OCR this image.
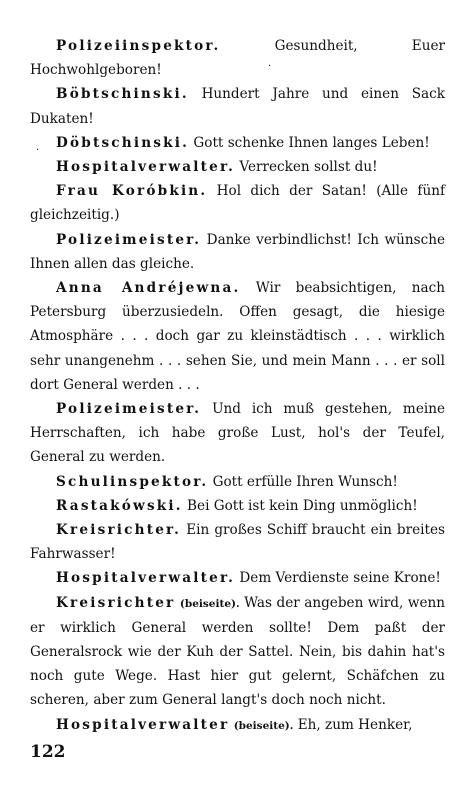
Polizeiinspektor.	Gesundheit, Euer Hochwohlgeboren!

Böbtschinski. Hundert Jahre und einen Sack Dukaten!

Döbtschinski. Gott schenke Ihnen langes Leben!

Hospitalverwalter. Verrecken sollst du!

Frau Koróbkin. Hol dich der Satan! (Alle fünf gleichzeitig.)

Polizeimeister. Danke verbindlichst! Ich wünsche Ihnen allen das gleiche.

Anna Andréjewna. Wir beabsichtigen, nach Petersburg überzusiedeln. Offen gesagt, die hiesige Atmosphäre . . . doch gar zu kleinstädtisch . . . wirklich sehr unangenehm . . . sehen Sie, und mein Mann . . . er soll dort General werden . . .

Polizeimeister. Und ich muß gestehen, meine Herrschaften, ich habe große Lust, hol's der Teufel, General zu werden.

Schulinspektor. Gott erfülle Ihren Wunsch!

Rastakówski. Bei Gott ist kein Ding unmöglich!

Kreisrichter. Ein großes Schiff braucht ein breites Fahrwasser!

Hospitalverwalter. Dem Verdienste seine Krone!

Kreisrichter (beiseite). Was der angeben wird, wenn er wirklich General werden sollte! Dem paßt der Generalsrock wie der Kuh der Sattel. Nein, bis dahin hat's noch gute Wege. Hast hier gut gelernt, Schäfchen zu scheren, aber zum General langt's doch noch nicht.

Hospitalverwalter (beiseite). Eh, zum Henker,

·
·
122
